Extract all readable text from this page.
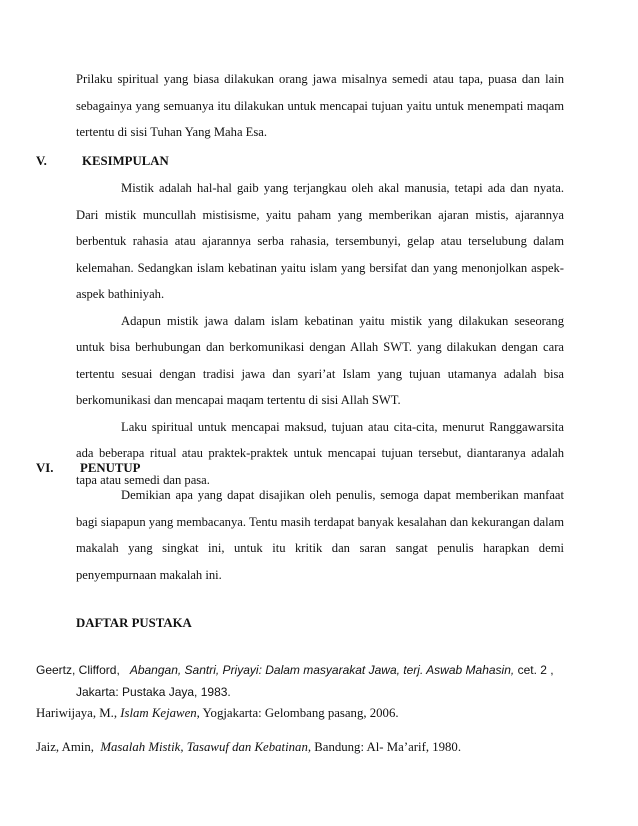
Prilaku spiritual yang biasa dilakukan orang jawa misalnya semedi atau tapa, puasa dan lain sebagainya yang semuanya itu dilakukan untuk mencapai tujuan yaitu untuk menempati maqam tertentu di sisi Tuhan Yang Maha Esa.

V.	KESIMPULAN

Mistik adalah hal-hal gaib yang terjangkau oleh akal manusia, tetapi ada dan nyata. Dari mistik muncullah mistisisme, yaitu paham yang memberikan ajaran mistis, ajarannya berbentuk rahasia atau ajarannya serba rahasia, tersembunyi, gelap atau terselubung dalam kelemahan. Sedangkan islam kebatinan yaitu islam yang bersifat dan yang menonjolkan aspek-aspek bathiniyah.

Adapun mistik jawa dalam islam kebatinan yaitu mistik yang dilakukan seseorang untuk bisa berhubungan dan berkomunikasi dengan Allah SWT. yang dilakukan dengan cara tertentu sesuai dengan tradisi jawa dan syari’at Islam yang tujuan utamanya adalah bisa berkomunikasi dan mencapai maqam tertentu di sisi Allah SWT.

Laku spiritual untuk mencapai maksud, tujuan atau cita-cita, menurut Ranggawarsita ada beberapa ritual atau praktek-praktek untuk mencapai tujuan tersebut, diantaranya adalah tapa atau semedi dan pasa.

VI. PENUTUP

Demikian apa yang dapat disajikan oleh penulis, semoga dapat memberikan manfaat bagi siapapun yang membacanya. Tentu masih terdapat banyak kesalahan dan kekurangan dalam makalah yang singkat ini, untuk itu kritik dan saran sangat penulis harapkan demi penyempurnaan makalah ini.

DAFTAR PUSTAKA

Geertz, Clifford, Abangan, Santri, Priyayi: Dalam masyarakat Jawa, terj. Aswab Mahasin, cet. 2 ,

Jakarta: Pustaka Jaya, 1983.

Hariwijaya, M., Islam Kejawen, Yogjakarta: Gelombang pasang, 2006.

Jaiz, Amin, Masalah Mistik, Tasawuf dan Kebatinan, Bandung: Al- Ma’arif, 1980.
